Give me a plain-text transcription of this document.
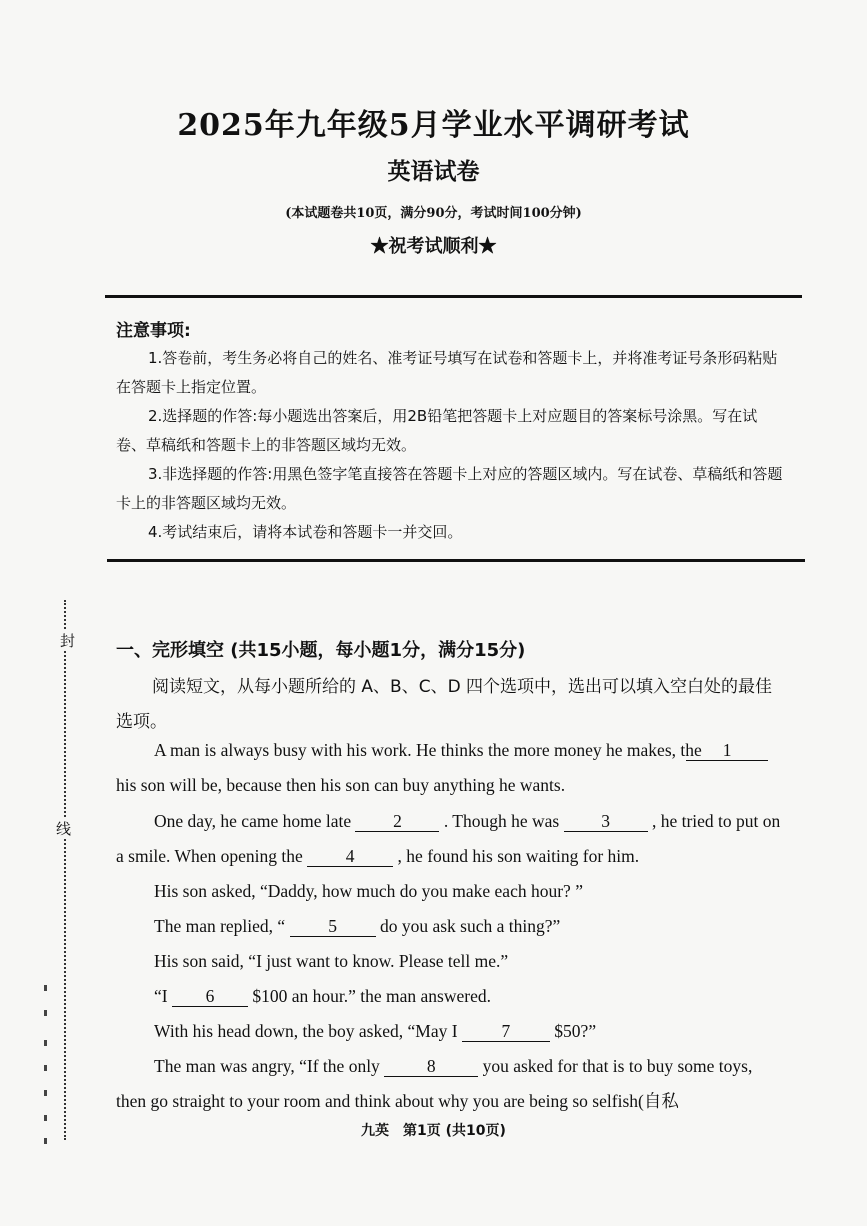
2025年九年级5月学业水平调研考试
英语试卷
(本试题卷共10页，满分90分，考试时间100分钟)
★祝考试顺利★
注意事项:
1.答卷前，考生务必将自己的姓名、准考证号填写在试卷和答题卡上，并将准考证号条形码粘贴在答题卡上指定位置。
2.选择题的作答:每小题选出答案后，用2B铅笔把答题卡上对应题目的答案标号涂黑。写在试卷、草稿纸和答题卡上的非答题区域均无效。
3.非选择题的作答:用黑色签字笔直接答在答题卡上对应的答题区域内。写在试卷、草稿纸和答题卡上的非答题区域均无效。
4.考试结束后，请将本试卷和答题卡一并交回。
封
线
一、完形填空 (共15小题，每小题1分，满分15分)
阅读短文，从每小题所给的 A、B、C、D 四个选项中，选出可以填入空白处的最佳选项。
A man is always busy with his work. He thinks the more money he makes, the 1 his son will be, because then his son can buy anything he wants.
One day, he came home late 2 . Though he was 3 , he tried to put on a smile. When opening the 4 , he found his son waiting for him.
His son asked, “Daddy, how much do you make each hour? ”
The man replied, “ 5 do you ask such a thing?”
His son said, “I just want to know. Please tell me.”
“I 6 $100 an hour.” the man answered.
With his head down, the boy asked, “May I	7	$50?”
The man was angry, “If the only	8	you asked for that is to buy some toys, then go straight to your room and think about why you are being so selfish(自私
九英　第1页 (共10页)
